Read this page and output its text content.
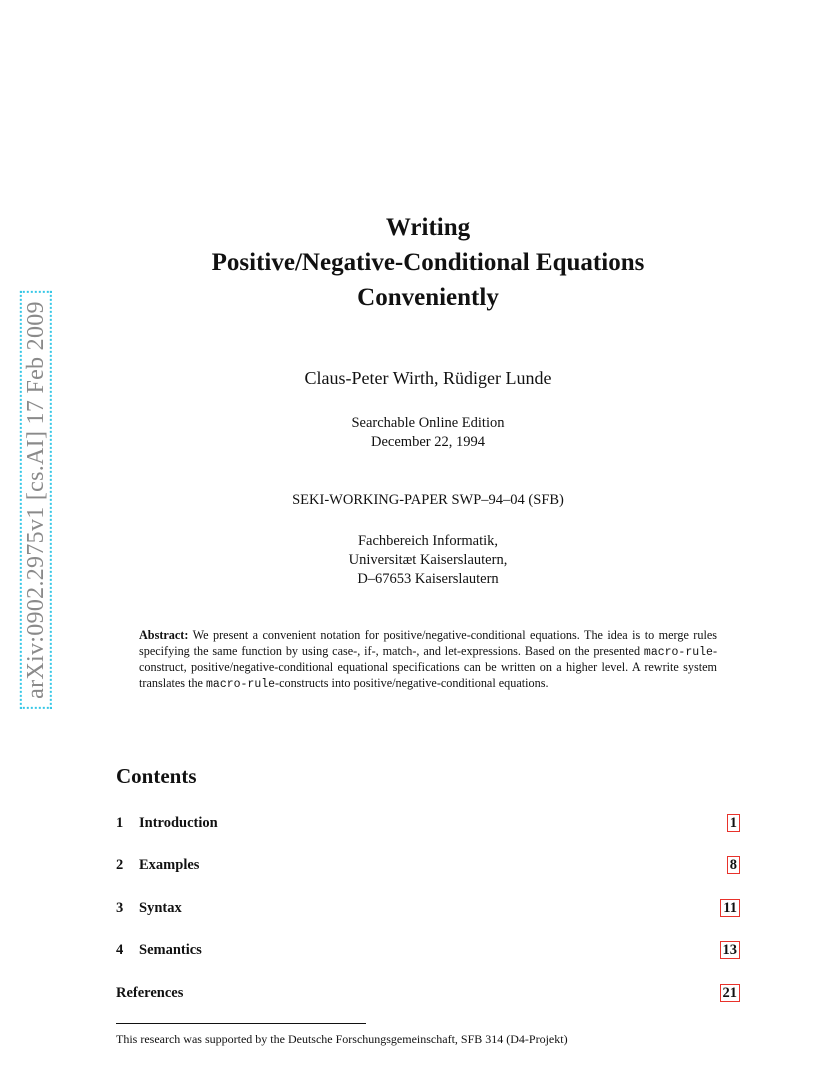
arXiv:0902.2975v1 [cs.AI] 17 Feb 2009
Writing
Positive/Negative-Conditional Equations
Conveniently
Claus-Peter Wirth, Rüdiger Lunde
Searchable Online Edition
December 22, 1994
SEKI-WORKING-PAPER SWP–94–04 (SFB)
Fachbereich Informatik,
Universitæt Kaiserslautern,
D–67653 Kaiserslautern
Abstract: We present a convenient notation for positive/negative-conditional equations. The idea is to merge rules specifying the same function by using case-, if-, match-, and let-expressions. Based on the presented macro-rule-construct, positive/negative-conditional equational specifications can be written on a higher level. A rewrite system translates the macro-rule-constructs into positive/negative-conditional equations.
Contents
1	Introduction	1
2	Examples	8
3	Syntax	11
4	Semantics	13
References	21
This research was supported by the Deutsche Forschungsgemeinschaft, SFB 314 (D4-Projekt)
